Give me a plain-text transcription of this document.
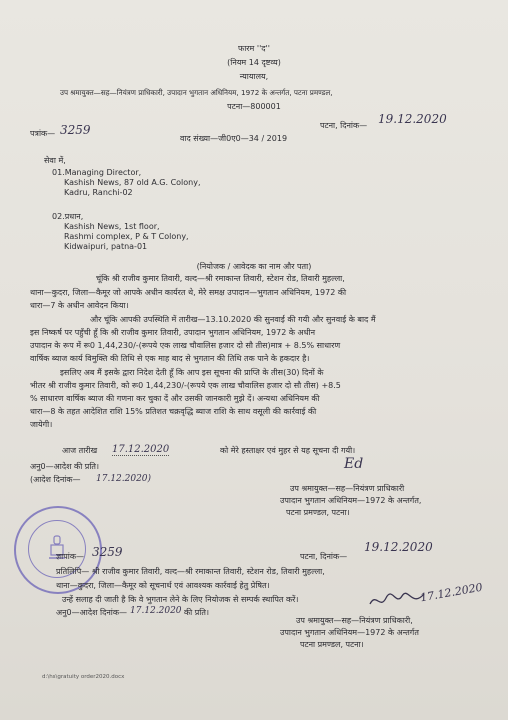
फारम ''द''
(नियम 14 दृष्टव्य)
न्यायालय,
उप श्रमायुक्त—सह—नियंत्रण प्राधिकारी, उपादान भुगतान अधिनियम, 1972 के अन्तर्गत, पटना प्रमण्डल,
पटना—800001
पत्रांक— 3259	पटना, दिनांक— 19.12.2020
वाद संख्या—जी0ए0—34 / 2019
सेवा में,
01.Managing Director,
Kashish News, 87 old A.G. Colony,
Kadru, Ranchi-02
02.प्रधान,
Kashish News, 1st floor,
Rashmi complex, P & T Colony,
Kidwaipuri, patna-01
(नियोजक / आवेदक का नाम और पता)
चूंकि श्री राजीव कुमार तिवारी, वल्द—श्री रमाकान्त तिवारी, स्टेशन रोड, तिवारी मुहल्ला,
थाना—कुदरा, जिला—कैमूर जो आपके अधीन कार्यरत थे, मेरे समक्ष उपादान—भुगतान अधिनियम, 1972 की
धारा—7 के अधीन आवेदन किया।
और चूंकि आपकी उपस्थिति में तारीख—13.10.2020 की सुनवाई की गयी और सुनवाई के बाद मैं
इस निष्कर्ष पर पहुँची हूँ कि श्री राजीव कुमार तिवारी, उपादान भुगतान अधिनियम, 1972 के अधीन
उपादान के रूप में रू0 1,44,230/-(रूपये एक लाख चौवालिस हजार दो सौ तीस)मात्र + 8.5% साधारण
वार्षिक ब्याज कार्य विमुक्ति की तिथि से एक माह बाद से भुगतान की तिथि तक पाने के हकदार है।
इसलिए अब मैं इसके द्वारा निदेश देती हूँ कि आप इस सूचना की प्राप्ति के तीस(30) दिनों के
भीतर श्री राजीव कुमार तिवारी, को रू0 1,44,230/-(रूपये एक लाख चौवालिस हजार दो सौ तीस) +8.5
% साधारण वार्षिक ब्याज की गणना कर चुका दें और उसकी जानकारी मुझे दें। अन्यथा अधिनियम की
धारा—8 के तहत आदेशित राशि 15% प्रतिशत चक्रवृद्धि ब्याज राशि के साथ वसूली की कार्रवाई की
जायेगी।
आज तारीख 17.12.2020	को मेरे हस्ताक्षर एवं मुहर से यह सूचना दी गयी।
अनु0—आदेश की प्रति।
(आदेश दिनांक— 17.12.2020)
Ed
उप श्रमायुक्त—सह—नियंत्रण प्राधिकारी
उपादान भुगतान अधिनियम—1972 के अन्तर्गत,
पटना प्रमण्डल, पटना।
ज्ञापांक— 3259	पटना, दिनांक—
19.12.2020
प्रतिलिपि— श्री राजीव कुमार तिवारी, वल्द—श्री रमाकान्त तिवारी, स्टेशन रोड, तिवारी मुहल्ला,
थाना—कुदरा, जिला—कैमूर को सूचनार्थ एवं आवश्यक कार्रवाई हेतु प्रेषित।
उन्हें सलाह दी जाती है कि वे भुगतान लेने के लिए नियोजक से सम्पर्क स्थापित करें।
अनु0—आदेश दिनांक— 17.12.2020 की प्रति।
17.12.2020
उप श्रमायुक्त—सह—नियंत्रण प्राधिकारी,
उपादान भुगतान अधिनियम—1972 के अन्तर्गत
पटना प्रमण्डल, पटना।
d:\hs\gratuity order2020.docx
